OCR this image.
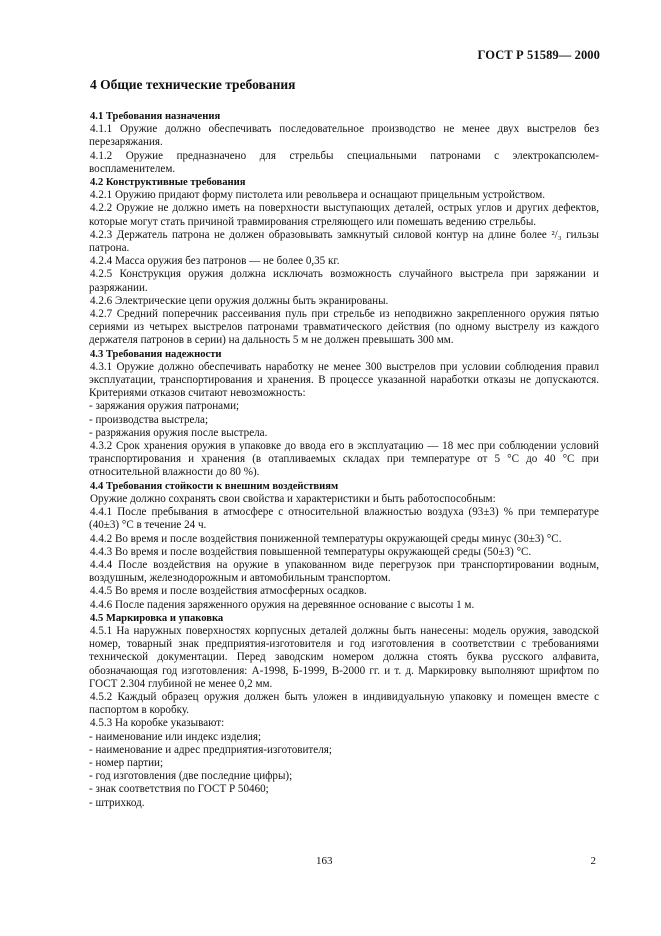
ГОСТ Р 51589— 2000
4 Общие технические требования

4.1 Требования назначения

4.1.1 Оружие должно обеспечивать последовательное производство не менее двух выстрелов без перезаряжания.

4.1.2 Оружие предназначено для стрельбы специальными патронами с электрокапсюлем-воспламенителем.

4.2 Конструктивные требования

4.2.1 Оружию придают форму пистолета или револьвера и оснащают прицельным устройством.

4.2.2 Оружие не должно иметь на поверхности выступающих деталей, острых углов и других дефектов, которые могут стать причиной травмирования стреляющего или помешать ведению стрельбы.

4.2.3 Держатель патрона не должен образовывать замкнутый силовой контур на длине более ²/₃ гильзы патрона.

4.2.4 Масса оружия без патронов — не более 0,35 кг.

4.2.5 Конструкция оружия должна исключать возможность случайного выстрела при заряжании и разряжании.

4.2.6 Электрические цепи оружия должны быть экранированы.

4.2.7 Средний поперечник рассеивания пуль при стрельбе из неподвижно закрепленного оружия пятью сериями из четырех выстрелов патронами травматического действия (по одному выстрелу из каждого держателя патронов в серии) на дальность 5 м не должен превышать 300 мм.

4.3 Требования надежности

4.3.1 Оружие должно обеспечивать наработку не менее 300 выстрелов при условии соблюдения правил эксплуатации, транспортирования и хранения. В процессе указанной наработки отказы не допускаются. Критериями отказов считают невозможность:

- заряжания оружия патронами;

- производства выстрела;

- разряжания оружия после выстрела.

4.3.2 Срок хранения оружия в упаковке до ввода его в эксплуатацию — 18 мес при соблюдении условий транспортирования и хранения (в отапливаемых складах при температуре от 5 °С до 40 °С при относительной влажности до 80 %).

4.4 Требования стойкости к внешним воздействиям

Оружие должно сохранять свои свойства и характеристики и быть работоспособным:

4.4.1 После пребывания в атмосфере с относительной влажностью воздуха (93±3) % при температуре (40±3) °С в течение 24 ч.

4.4.2 Во время и после воздействия пониженной температуры окружающей среды минус (30±3) °С.

4.4.3 Во время и после воздействия повышенной температуры окружающей среды (50±3) °С.

4.4.4 После воздействия на оружие в упакованном виде перегрузок при транспортировании водным, воздушным, железнодорожным и автомобильным транспортом.

4.4.5 Во время и после воздействия атмосферных осадков.

4.4.6 После падения заряженного оружия на деревянное основание с высоты 1 м.

4.5 Маркировка и упаковка

4.5.1 На наружных поверхностях корпусных деталей должны быть нанесены: модель оружия, заводской номер, товарный знак предприятия-изготовителя и год изготовления в соответствии с требованиями технической документации. Перед заводским номером должна стоять буква русского алфавита, обозначающая год изготовления: А-1998, Б-1999, В-2000 гг. и т. д. Маркировку выполняют шрифтом по ГОСТ 2.304 глубиной не менее 0,2 мм.

4.5.2 Каждый образец оружия должен быть уложен в индивидуальную упаковку и помещен вместе с паспортом в коробку.

4.5.3 На коробке указывают:

- наименование или индекс изделия;

- наименование и адрес предприятия-изготовителя;

- номер партии;

- год изготовления (две последние цифры);

- знак соответствия по ГОСТ Р 50460;

- штрихкод.

163	2
